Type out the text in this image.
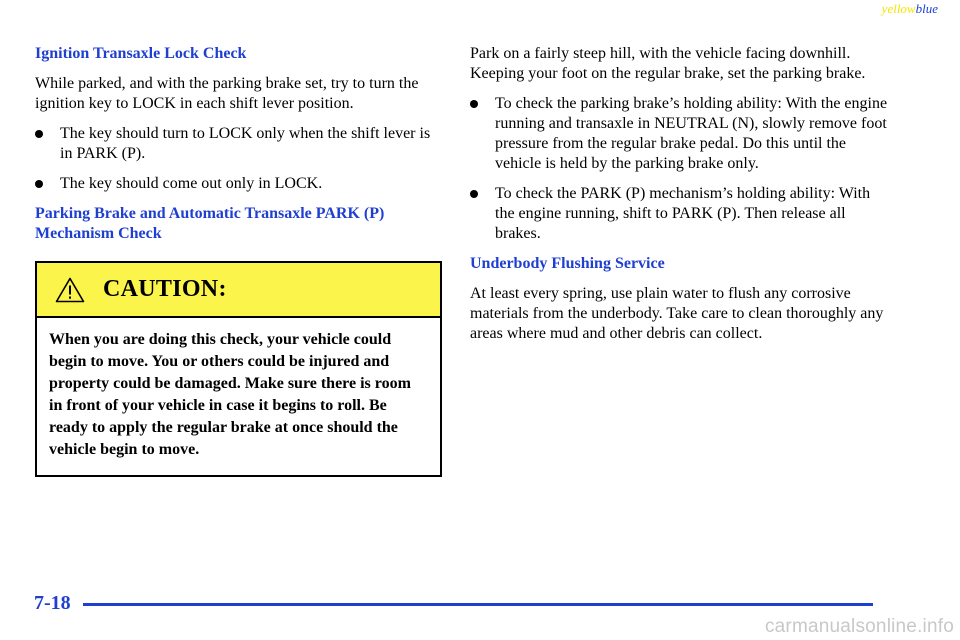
yellowblue
Ignition Transaxle Lock Check
While parked, and with the parking brake set, try to turn the ignition key to LOCK in each shift lever position.
The key should turn to LOCK only when the shift lever is in PARK (P).
The key should come out only in LOCK.
Parking Brake and Automatic Transaxle PARK (P) Mechanism Check
CAUTION:
When you are doing this check, your vehicle could begin to move. You or others could be injured and property could be damaged. Make sure there is room in front of your vehicle in case it begins to roll. Be ready to apply the regular brake at once should the vehicle begin to move.
Park on a fairly steep hill, with the vehicle facing downhill. Keeping your foot on the regular brake, set the parking brake.
To check the parking brake’s holding ability: With the engine running and transaxle in NEUTRAL (N), slowly remove foot pressure from the regular brake pedal. Do this until the vehicle is held by the parking brake only.
To check the PARK (P) mechanism’s holding ability: With the engine running, shift to PARK (P). Then release all brakes.
Underbody Flushing Service
At least every spring, use plain water to flush any corrosive materials from the underbody. Take care to clean thoroughly any areas where mud and other debris can collect.
7-18
carmanualsonline.info
